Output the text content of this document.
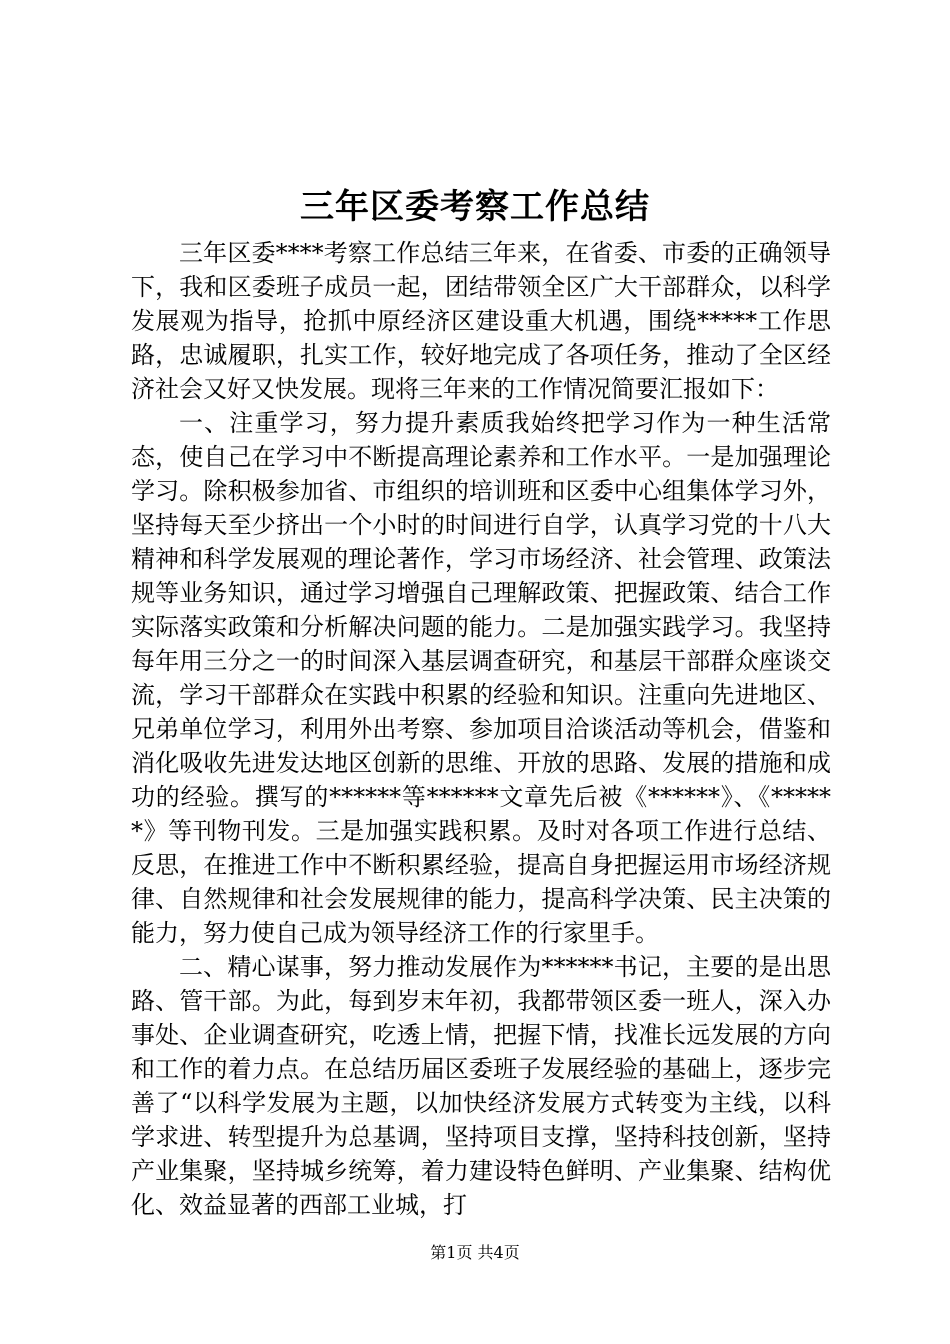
三年区委考察工作总结

三年区委****考察工作总结三年来，在省委、市委的正确领导下，我和区委班子成员一起，团结带领全区广大干部群众，以科学发展观为指导，抢抓中原经济区建设重大机遇，围绕*****工作思路，忠诚履职，扎实工作，较好地完成了各项任务，推动了全区经济社会又好又快发展。现将三年来的工作情况简要汇报如下：

一、注重学习，努力提升素质我始终把学习作为一种生活常态，使自己在学习中不断提高理论素养和工作水平。一是加强理论学习。除积极参加省、市组织的培训班和区委中心组集体学习外，坚持每天至少挤出一个小时的时间进行自学，认真学习党的十八大精神和科学发展观的理论著作，学习市场经济、社会管理、政策法规等业务知识，通过学习增强自己理解政策、把握政策、结合工作实际落实政策和分析解决问题的能力。二是加强实践学习。我坚持每年用三分之一的时间深入基层调查研究，和基层干部群众座谈交流，学习干部群众在实践中积累的经验和知识。注重向先进地区、兄弟单位学习，利用外出考察、参加项目洽谈活动等机会，借鉴和消化吸收先进发达地区创新的思维、开放的思路、发展的措施和成功的经验。撰写的******等******文章先后被《******》、《******》等刊物刊发。三是加强实践积累。及时对各项工作进行总结、反思，在推进工作中不断积累经验，提高自身把握运用市场经济规律、自然规律和社会发展规律的能力，提高科学决策、民主决策的能力，努力使自己成为领导经济工作的行家里手。

二、精心谋事，努力推动发展作为******书记，主要的是出思路、管干部。为此，每到岁末年初，我都带领区委一班人，深入办事处、企业调查研究，吃透上情，把握下情，找准长远发展的方向和工作的着力点。在总结历届区委班子发展经验的基础上，逐步完善了“以科学发展为主题，以加快经济发展方式转变为主线，以科学求进、转型提升为总基调，坚持项目支撑，坚持科技创新，坚持产业集聚，坚持城乡统筹，着力建设特色鲜明、产业集聚、结构优化、效益显著的西部工业城，打

第1页 共4页
